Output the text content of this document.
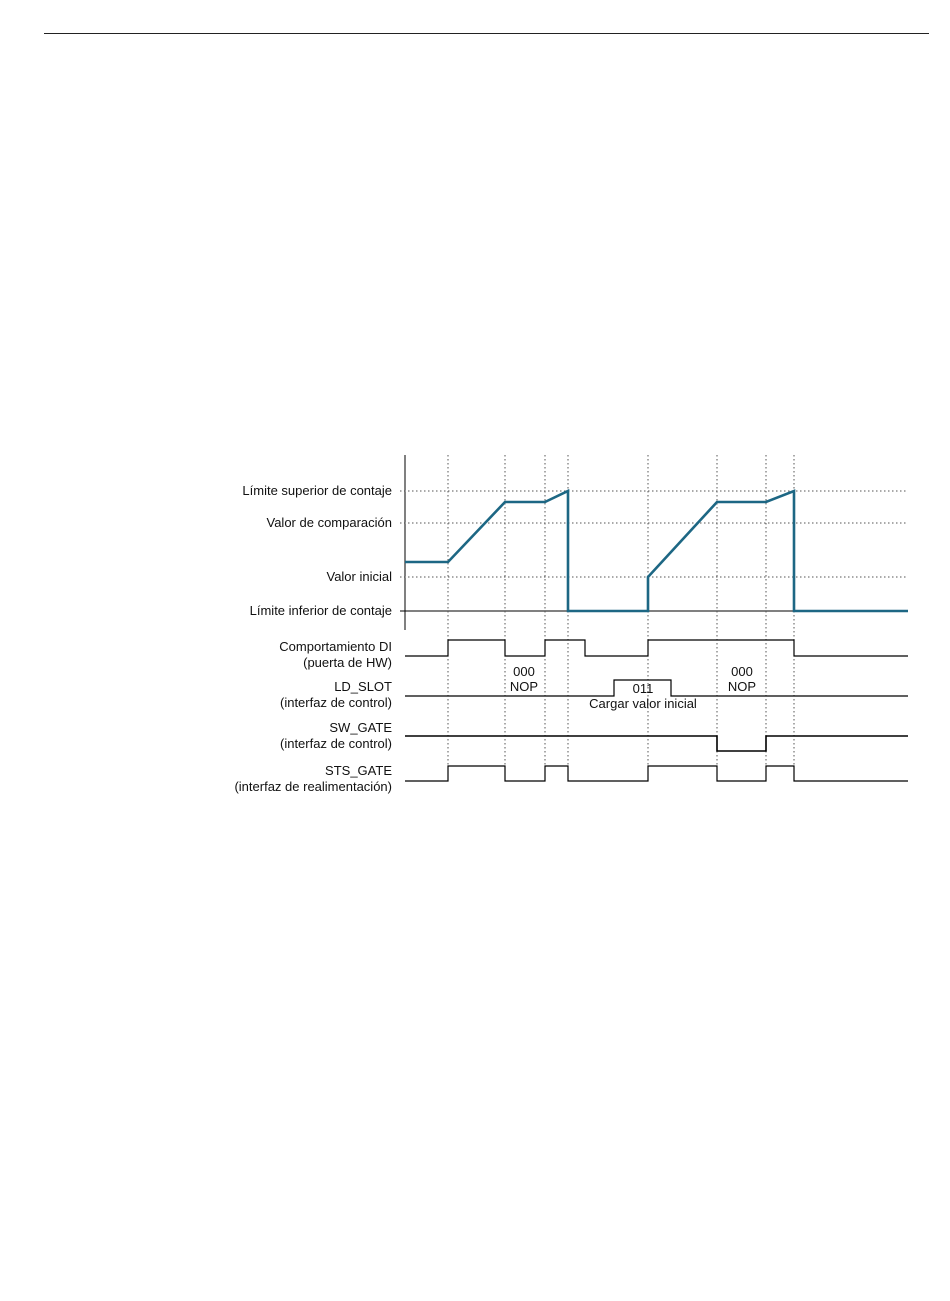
Límite superior de contaje
Valor de comparación
Valor inicial
Límite inferior de contaje
Comportamiento DI
(puerta de HW)
LD_SLOT
(interfaz de control)
SW_GATE
(interfaz de control)
STS_GATE
(interfaz de realimentación)
000
NOP	011
Cargar valor inicial
000
NOP
